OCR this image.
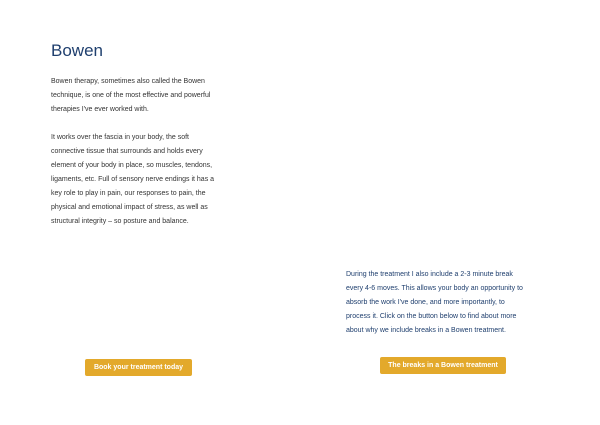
Bowen

Bowen therapy, sometimes also called the Bowen
technique, is one of the most effective and powerful
therapies I've ever worked with.

It works over the fascia in your body, the soft
connective tissue that surrounds and holds every
element of your body in place, so muscles, tendons,
ligaments, etc. Full of sensory nerve endings it has a
key role to play in pain, our responses to pain, the
physical and emotional impact of stress, as well as
structural integrity – so posture and balance.

During the treatment I also include a 2-3 minute break
every 4-6 moves. This allows your body an opportunity to
absorb the work I've done, and more importantly, to
process it. Click on the button below to find about more
about why we include breaks in a Bowen treatment.

Book your treatment today	The breaks in a Bowen treatment
